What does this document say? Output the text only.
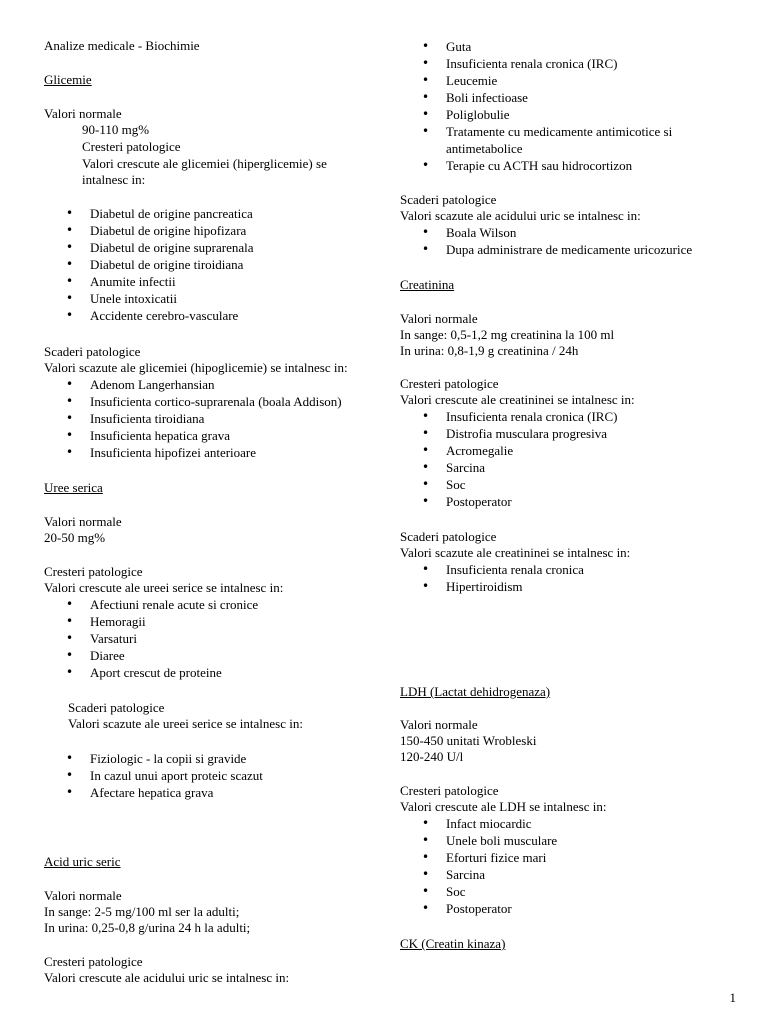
Analize medicale - Biochimie
Glicemie
Valori normale
90-110 mg%
Cresteri patologice
Valori crescute ale glicemiei (hiperglicemie) se
intalnesc in:
• Diabetul de origine pancreatica
• Diabetul de origine hipofizara
• Diabetul de origine suprarenala
• Diabetul de origine tiroidiana
• Anumite infectii
• Unele intoxicatii
• Accidente cerebro-vasculare
Scaderi patologice
Valori scazute ale glicemiei (hipoglicemie) se intalnesc in:
• Adenom Langerhansian
• Insuficienta cortico-suprarenala (boala Addison)
• Insuficienta tiroidiana
• Insuficienta hepatica grava
• Insuficienta hipofizei anterioare
Uree serica
Valori normale
20-50 mg%
Cresteri patologice
Valori crescute ale ureei serice se intalnesc in:
• Afectiuni renale acute si cronice
• Hemoragii
• Varsaturi
• Diaree
• Aport crescut de proteine
Scaderi patologice
Valori scazute ale ureei serice se intalnesc in:
• Fiziologic - la copii si gravide
• In cazul unui aport proteic scazut
• Afectare hepatica grava
Acid uric seric
Valori normale
In sange: 2-5 mg/100 ml ser la adulti;
In urina: 0,25-0,8 g/urina 24 h la adulti;
Cresteri patologice
Valori crescute ale acidului uric se intalnesc in:
• Guta
• Insuficienta renala cronica (IRC)
• Leucemie
• Boli infectioase
• Poliglobulie
• Tratamente cu medicamente antimicotice si antimetabolice
• Terapie cu ACTH sau hidrocortizon
Scaderi patologice
Valori scazute ale acidului uric se intalnesc in:
• Boala Wilson
• Dupa administrare de medicamente uricozurice
Creatinina
Valori normale
In sange: 0,5-1,2 mg creatinina la 100 ml
In urina: 0,8-1,9 g creatinina / 24h
Cresteri patologice
Valori crescute ale creatininei se intalnesc in:
• Insuficienta renala cronica (IRC)
• Distrofia musculara progresiva
• Acromegalie
• Sarcina
• Soc
• Postoperator
Scaderi patologice
Valori scazute ale creatininei se intalnesc in:
• Insuficienta renala cronica
• Hipertiroidism
LDH (Lactat dehidrogenaza)
Valori normale
150-450 unitati Wrobleski
120-240 U/l
Cresteri patologice
Valori crescute ale LDH se intalnesc in:
• Infact miocardic
• Unele boli musculare
• Eforturi fizice mari
• Sarcina
• Soc
• Postoperator
CK (Creatin kinaza)
1
